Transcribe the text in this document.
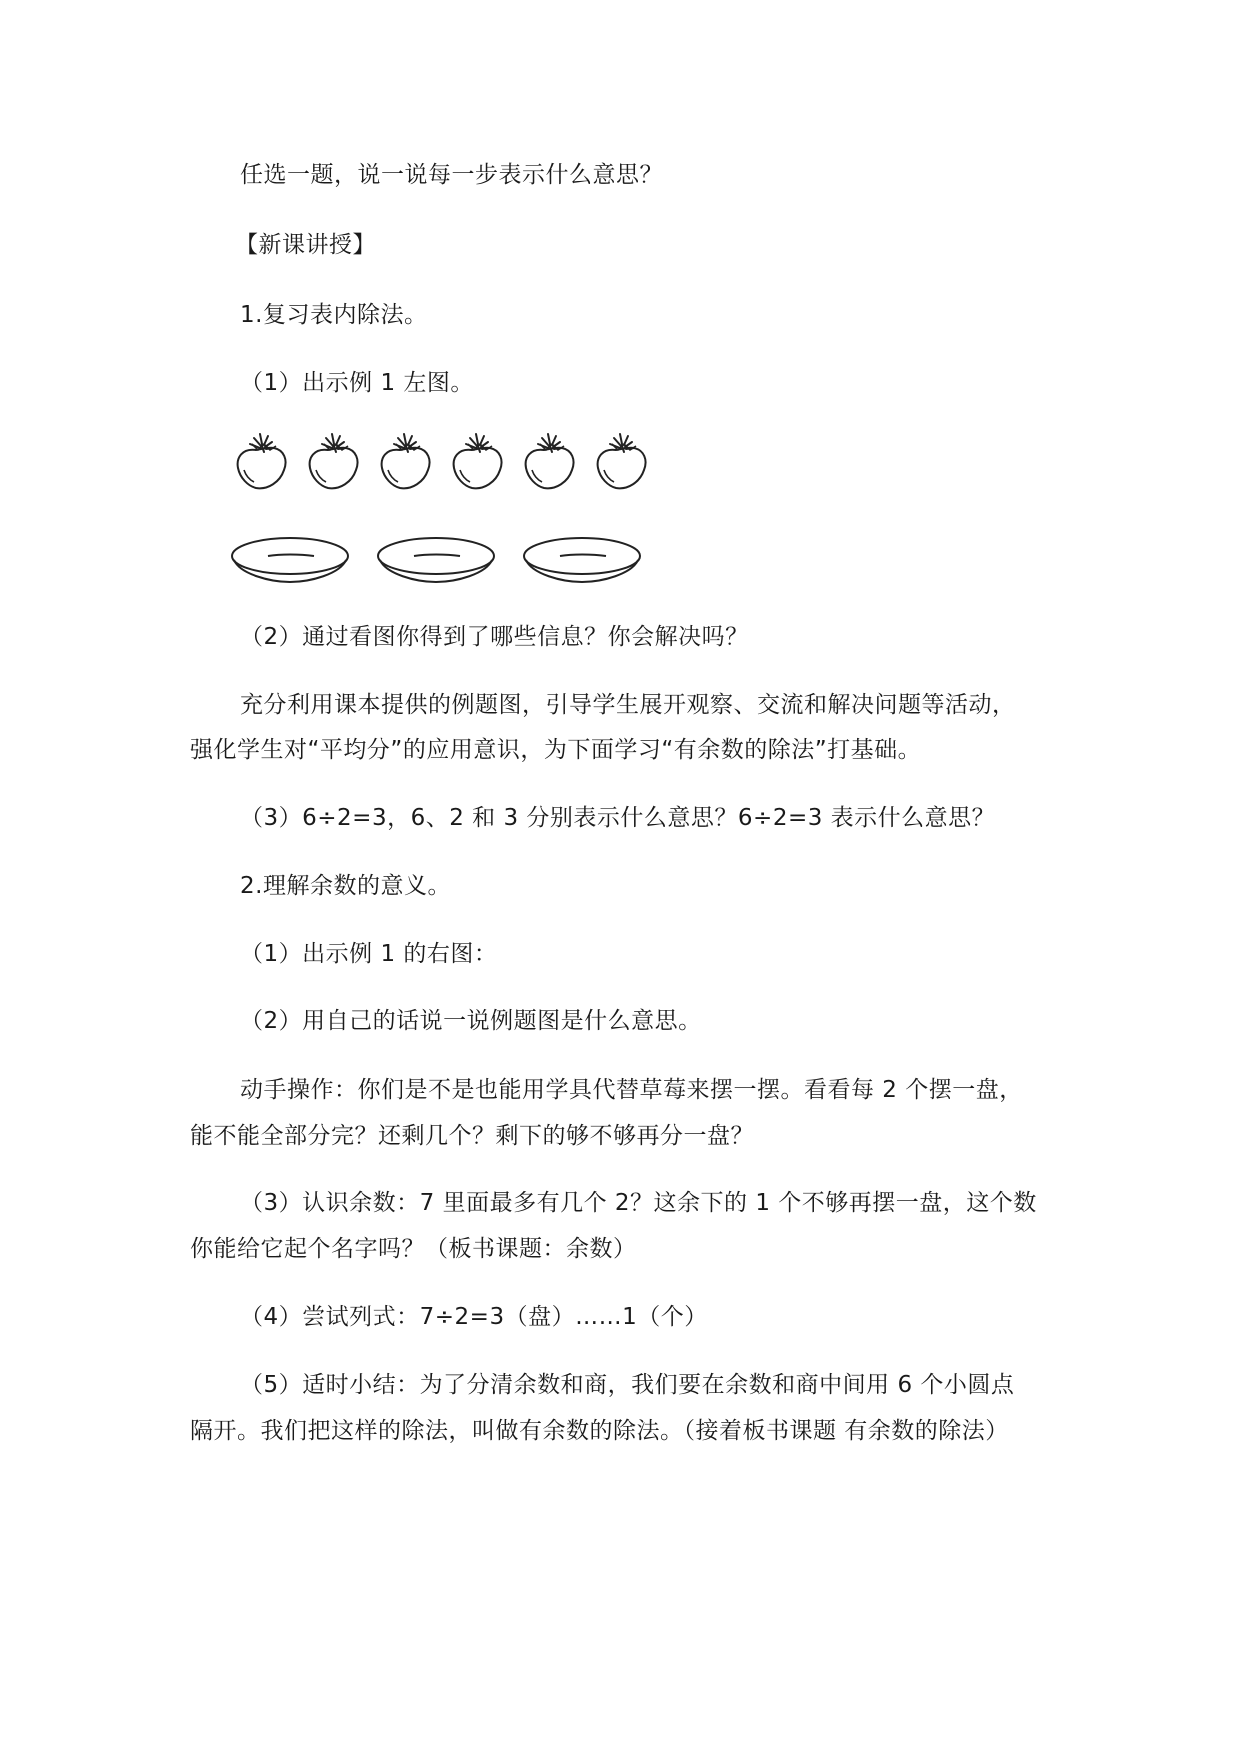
任选一题，说一说每一步表示什么意思？
【新课讲授】
1.复习表内除法。
（1）出示例 1 左图。
（2）通过看图你得到了哪些信息？你会解决吗？
充分利用课本提供的例题图，引导学生展开观察、交流和解决问题等活动，
强化学生对“平均分”的应用意识，为下面学习“有余数的除法”打基础。
（3）6÷2=3，6、2 和 3 分别表示什么意思？6÷2=3 表示什么意思？
2.理解余数的意义。
（1）出示例 1 的右图：
（2）用自己的话说一说例题图是什么意思。
动手操作：你们是不是也能用学具代替草莓来摆一摆。看看每 2 个摆一盘，
能不能全部分完？还剩几个？剩下的够不够再分一盘？
（3）认识余数：7 里面最多有几个 2？这余下的 1 个不够再摆一盘，这个数
你能给它起个名字吗？（板书课题：余数）
（4）尝试列式：7÷2=3（盘）……1（个）
（5）适时小结：为了分清余数和商，我们要在余数和商中间用 6 个小圆点
隔开。我们把这样的除法，叫做有余数的除法。（接着板书课题 有余数的除法）
